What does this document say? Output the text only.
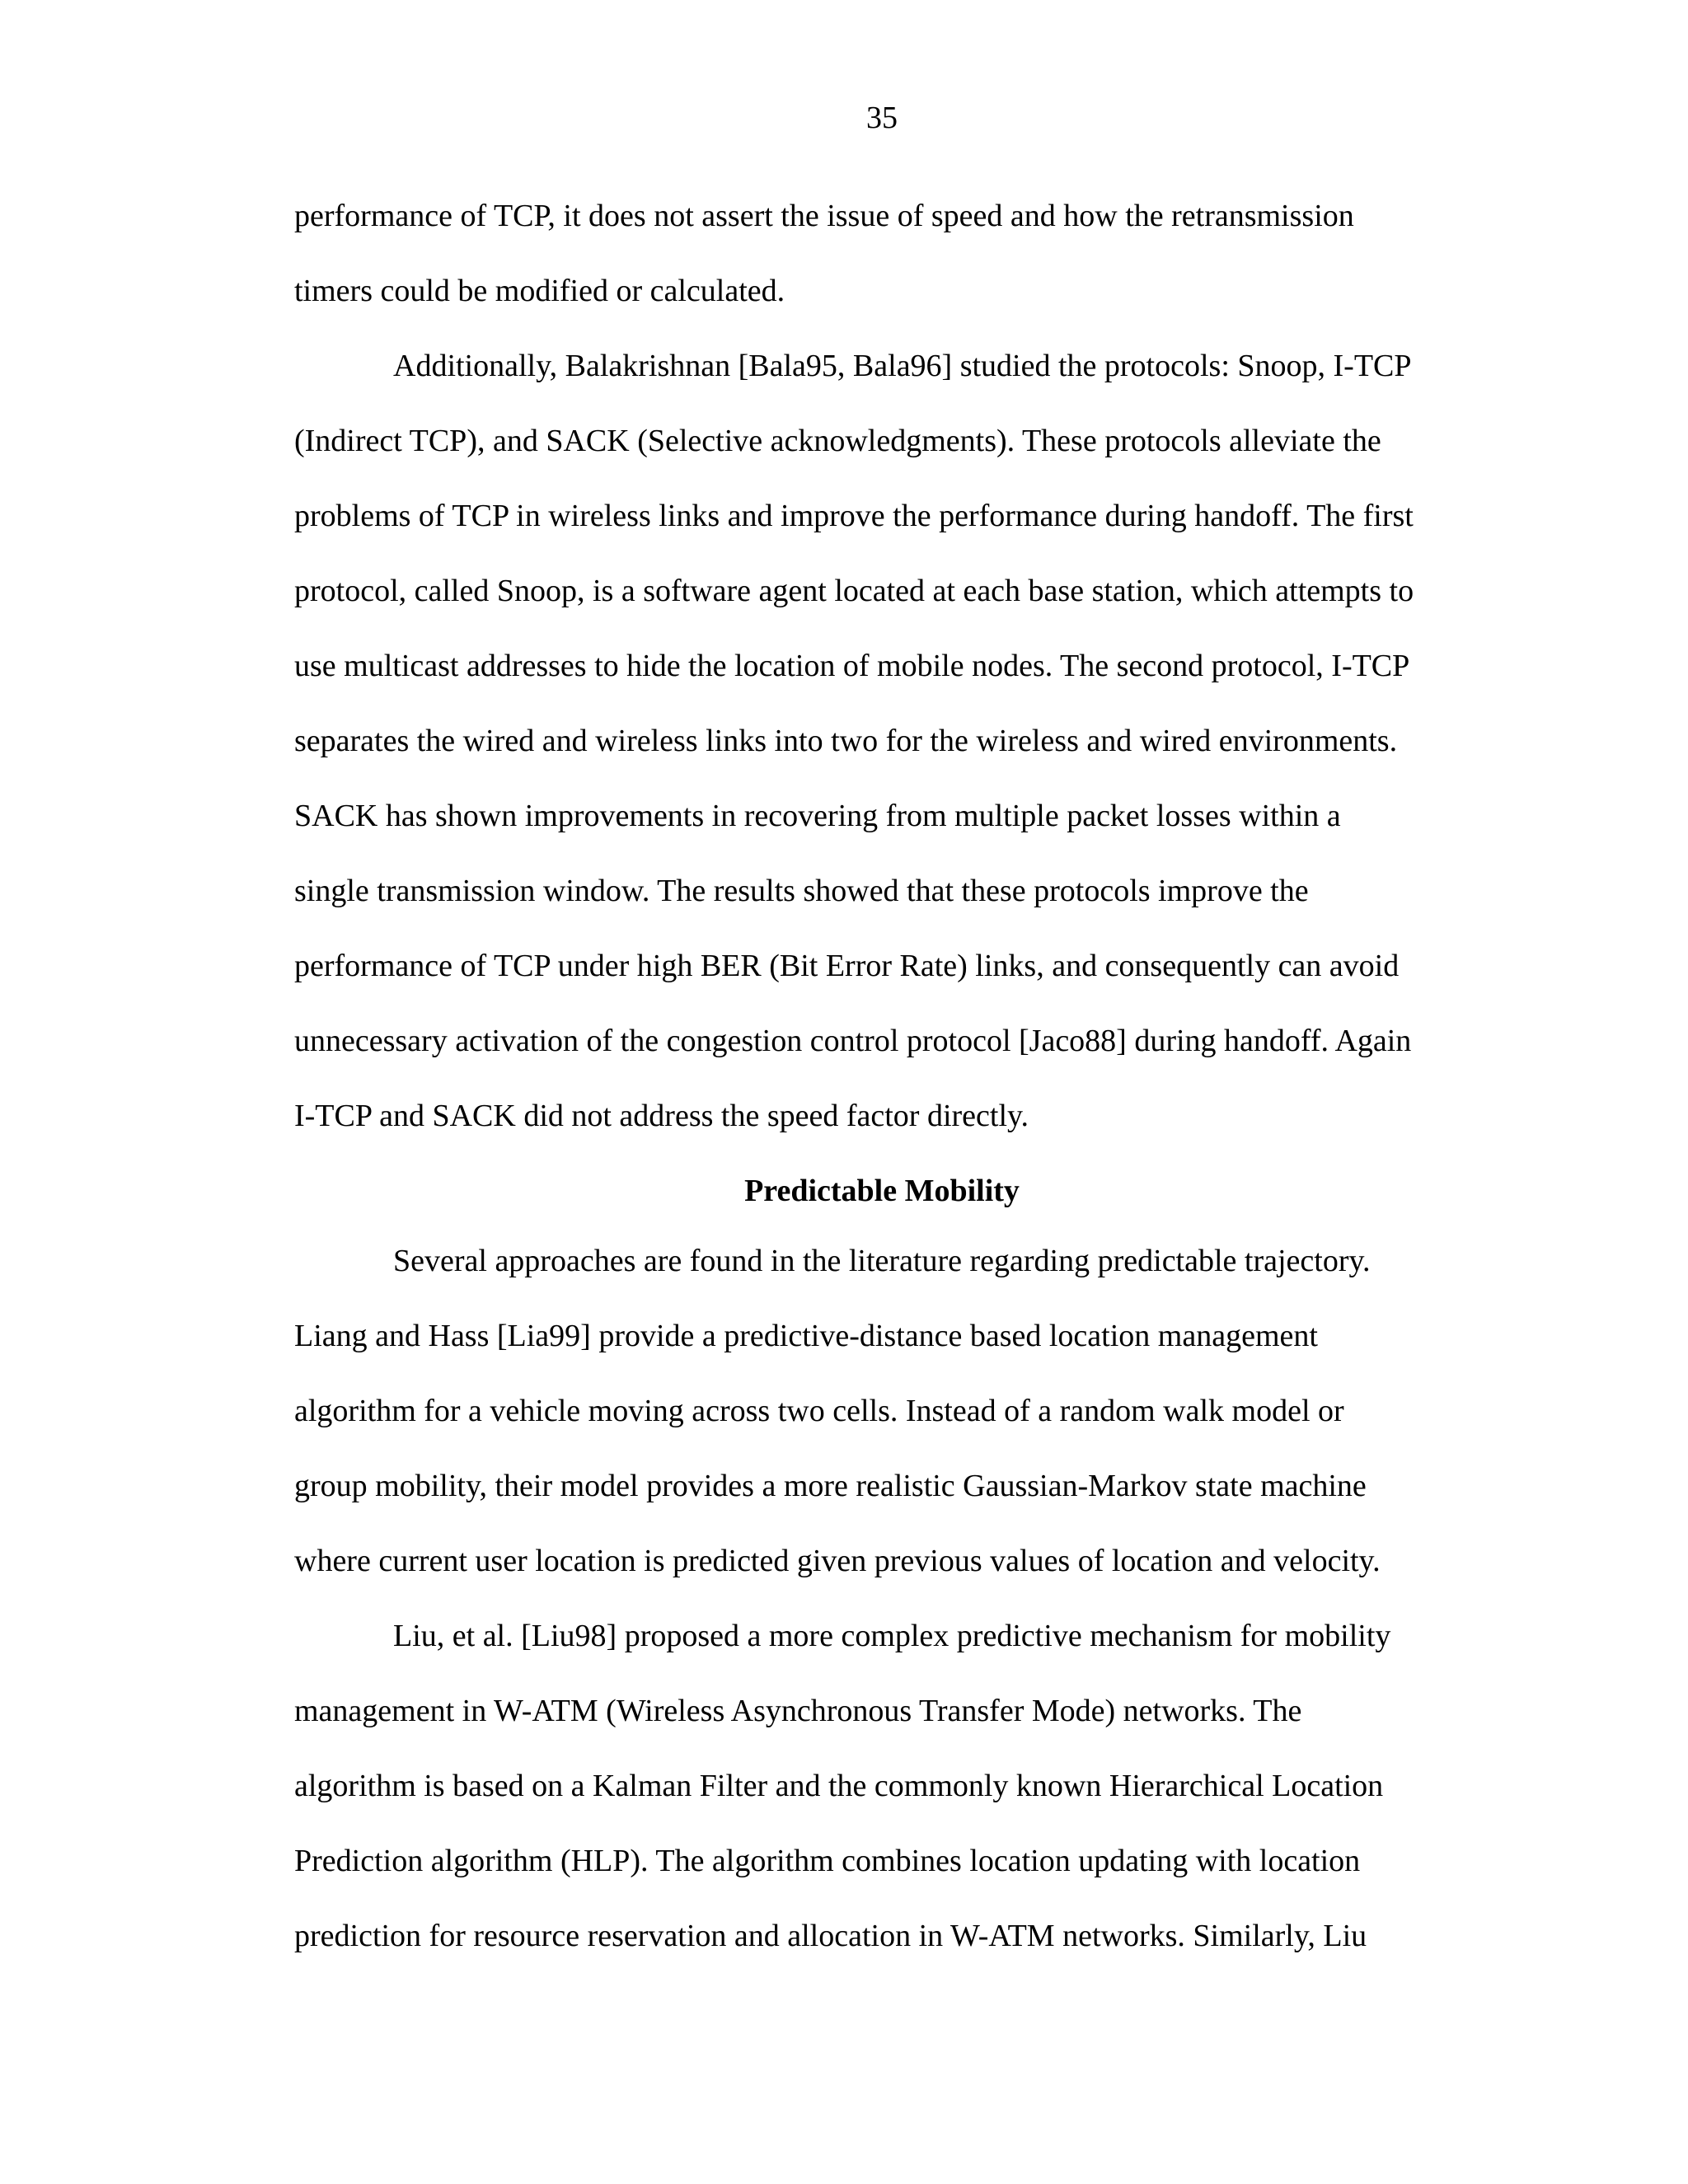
35
performance of TCP, it does not assert the issue of speed and how the retransmission
timers could be modified or calculated.
Additionally, Balakrishnan [Bala95, Bala96] studied the protocols: Snoop, I-TCP
(Indirect TCP), and SACK (Selective acknowledgments). These protocols alleviate the
problems of TCP in wireless links and improve the performance during handoff. The first
protocol, called Snoop, is a software agent located at each base station, which attempts to
use multicast addresses to hide the location of mobile nodes. The second protocol, I-TCP
separates the wired and wireless links into two for the wireless and wired environments.
SACK has shown improvements in recovering from multiple packet losses within a
single transmission window. The results showed that these protocols improve the
performance of TCP under high BER (Bit Error Rate) links, and consequently can avoid
unnecessary activation of the congestion control protocol [Jaco88] during handoff. Again
I-TCP and SACK did not address the speed factor directly.
Predictable Mobility
Several approaches are found in the literature regarding predictable trajectory.
Liang and Hass [Lia99] provide a predictive-distance based location management
algorithm for a vehicle moving across two cells. Instead of a random walk model or
group mobility, their model provides a more realistic Gaussian-Markov state machine
where current user location is predicted given previous values of location and velocity.
Liu, et al. [Liu98] proposed a more complex predictive mechanism for mobility
management in W-ATM (Wireless Asynchronous Transfer Mode) networks. The
algorithm is based on a Kalman Filter and the commonly known Hierarchical Location
Prediction algorithm (HLP). The algorithm combines location updating with location
prediction for resource reservation and allocation in W-ATM networks. Similarly, Liu
